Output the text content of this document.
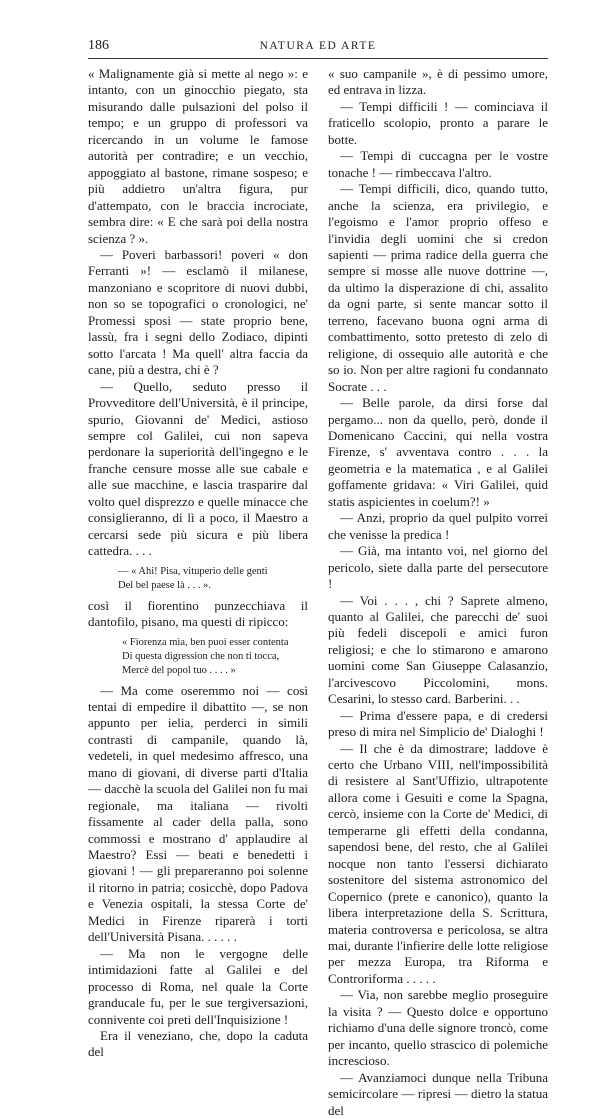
186	NATURA ED ARTE

« Malignamente già si mette al nego »: e intanto, con un ginocchio piegato, sta misurando dalle pulsazioni del polso il tempo; e un gruppo di professori va ricercando in un volume le famose autorità per contradire; e un vecchio, appoggiato al bastone, rimane sospeso; e più addietro un'altra figura, pur d'attempato, con le braccia incrociate, sembra dire: « E che sarà poi della nostra scienza ? ».

— Poveri barbassori! poveri « don Ferranti »! — esclamò il milanese, manzoniano e scopritore di nuovi dubbi, non so se topografici o cronologici, ne' Promessi sposi — state proprio bene, lassù, fra i segni dello Zodiaco, dipinti sotto l'arcata ! Ma quell' altra faccia da cane, più a destra, chi è ?

— Quello, seduto presso il Provveditore dell'Università, è il principe, spurio, Giovanni de' Medici, astioso sempre col Galilei, cui non sapeva perdonare la superiorità dell'ingegno e le franche censure mosse alle sue cabale e alle sue macchine, e lascia trasparire dal volto quel disprezzo e quelle minacce che consiglieranno, di lì a poco, il Maestro a cercarsi sede più sicura e più libera cattedra. . . .

— « Ahi! Pisa, vituperio delle genti
Del bel paese là . . . ».

così il fiorentino punzecchiava il dantofilo, pisano, ma questi di ripicco:

« Fiorenza mia, ben puoi esser contenta
Di questa digression che non ti tocca,
Mercè del popol tuo . . . . »

— Ma come oseremmo noi — così tentai di empedire il dibattito —, se non appunto per ielia, perderci in simili contrasti di campanile, quando là, vedeteli, in quel medesimo affresco, una mano di giovani, di diverse parti d'Italia — dacchè la scuola del Galilei non fu mai regionale, ma italiana — rivolti fissamente al cader della palla, sono commossi e mostrano d' applaudire al Maestro? Essi — beati e benedetti i giovani ! — gli prepareranno poi solenne il ritorno in patria; cosicchè, dopo Padova e Venezia ospitali, la stessa Corte de' Medici in Firenze riparerà i torti dell'Università Pisana. . . . . .

— Ma non le vergogne delle intimidazioni fatte al Galilei e del processo di Roma, nel quale la Corte granducale fu, per le sue tergiversazioni, connivente coi preti dell'Inquisizione !

Era il veneziano, che, dopo la caduta del

« suo campanile », è di pessimo umore, ed entrava in lizza.

— Tempi difficili ! — cominciava il fraticello scolopio, pronto a parare le botte.

— Tempi di cuccagna per le vostre tonache ! — rimbeccava l'altro.

— Tempi difficili, dico, quando tutto, anche la scienza, era privilegio, e l'egoismo e l'amor proprio offeso e l'invidia degli uomini che si credon sapienti — prima radice della guerra che sempre si mosse alle nuove dottrine —, da ultimo la disperazione di chi, assalito da ogni parte, si sente mancar sotto il terreno, facevano buona ogni arma di combattimento, sotto pretesto di zelo di religione, di ossequio alle autorità e che so io. Non per altre ragioni fu condannato Socrate . . .

— Belle parole, da dirsi forse dal pergamo... non da quello, però, donde il Domenicano Caccini, qui nella vostra Firenze, s' avventava contro . . . la geometria e la matematica , e al Galilei goffamente gridava: « Viri Galilei, quid statis aspicientes in coelum?! »

— Anzi, proprio da quel pulpito vorrei che venisse la predica !

— Già, ma intanto voi, nel giorno del pericolo, siete dalla parte del persecutore !

— Voi . . . , chi ? Saprete almeno, quanto al Galilei, che parecchi de' suoi più fedeli discepoli e amici furon religiosi; e che lo stimarono e amarono uomini come San Giuseppe Calasanzio, l'arcivescovo Piccolomini, mons. Cesarini, lo stesso card. Barberini. . .

— Prima d'essere papa, e di credersi preso di mira nel Simplicio de' Dialoghi !

— Il che è da dimostrare; laddove è certo che Urbano VIII, nell'impossibilità di resistere al Sant'Uffizio, ultrapotente allora come i Gesuiti e come la Spagna, cercò, insieme con la Corte de' Medici, di temperarne gli effetti della condanna, sapendosi bene, del resto, che al Galilei nocque non tanto l'essersi dichiarato sostenitore del sistema astronomico del Copernico (prete e canonico), quanto la libera interpretazione della S. Scrittura, materia controversa e pericolosa, se altra mai, durante l'infierire delle lotte religiose per mezza Europa, tra Riforma e Controriforma . . . . .

— Via, non sarebbe meglio proseguire la visita ? — Questo dolce e opportuno richiamo d'una delle signore troncò, come per incanto, quello strascico di polemiche increscioso.

— Avanziamoci dunque nella Tribuna semicircolare — ripresi — dietro la statua del
